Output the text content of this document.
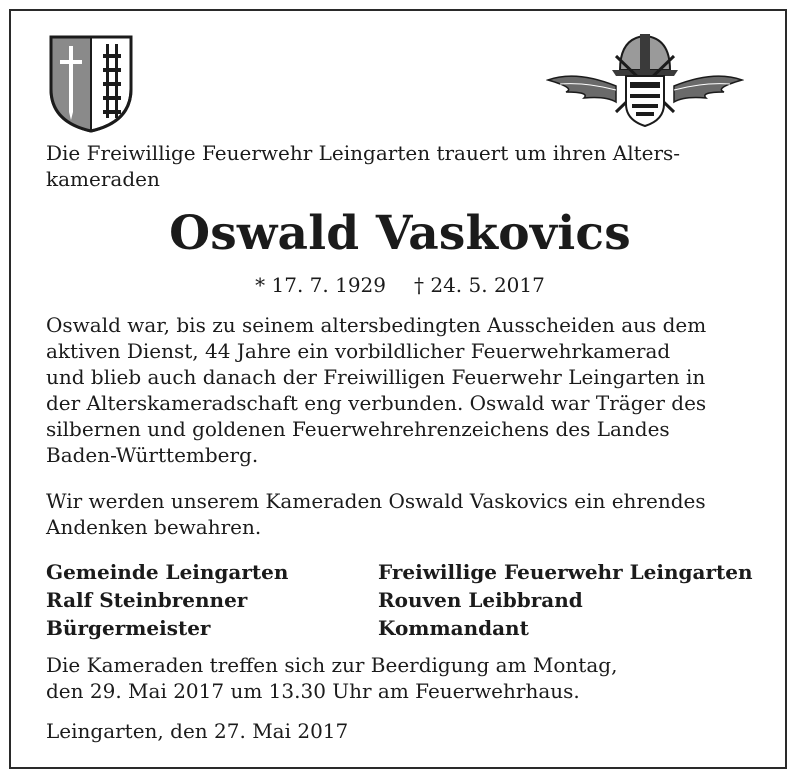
Die Freiwillige Feuerwehr Leingarten trauert um ihren Alters-
kameraden
Oswald Vaskovics
* 17. 7. 1929 † 24. 5. 2017
Oswald war, bis zu seinem altersbedingten Ausscheiden aus dem
aktiven Dienst, 44 Jahre ein vorbildlicher Feuerwehrkamerad
und blieb auch danach der Freiwilligen Feuerwehr Leingarten in
der Alterskameradschaft eng verbunden. Oswald war Träger des
silbernen und goldenen Feuerwehrehrenzeichens des Landes
Baden-Württemberg.
Wir werden unserem Kameraden Oswald Vaskovics ein ehrendes
Andenken bewahren.
Gemeinde Leingarten
Ralf Steinbrenner
Bürgermeister
Freiwillige Feuerwehr Leingarten
Rouven Leibbrand
Kommandant
Die Kameraden treffen sich zur Beerdigung am Montag,
den 29. Mai 2017 um 13.30 Uhr am Feuerwehrhaus.
Leingarten, den 27. Mai 2017
